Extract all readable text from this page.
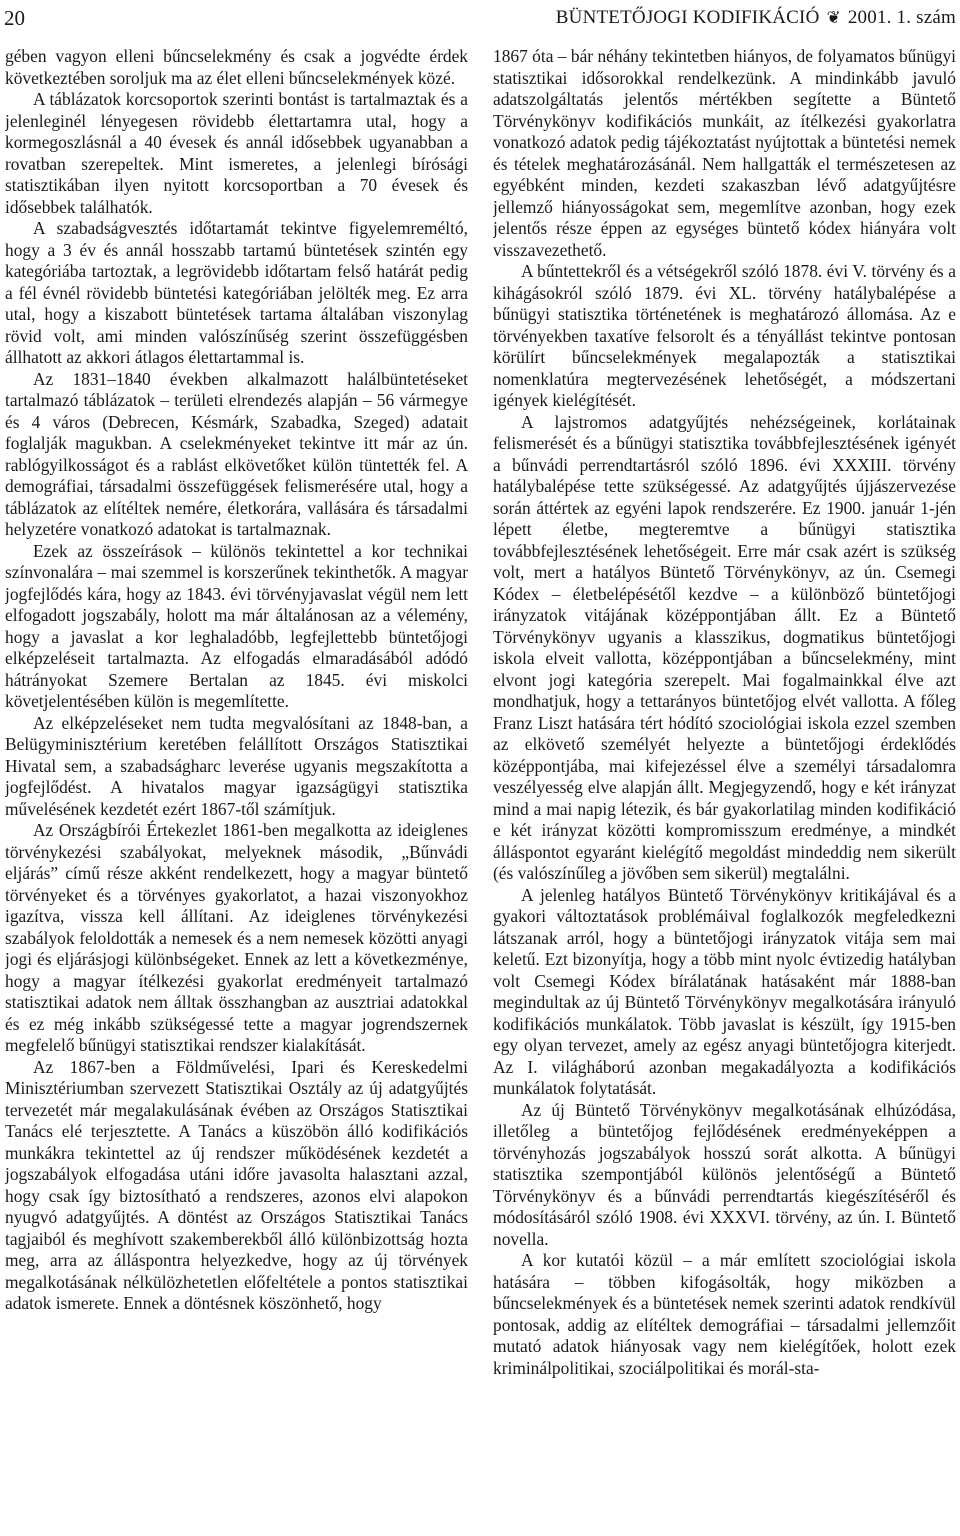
20	BÜNTETŐJOGI KODIFIKÁCIÓ ❦ 2001. 1. szám

gében vagyon elleni bűncselekmény és csak a jogvédte érdek következtében soroljuk ma az élet elleni bűncselekmények közé.

A táblázatok korcsoportok szerinti bontást is tartalmaztak és a jelenleginél lényegesen rövidebb élettartamra utal, hogy a kormegoszlásnál a 40 évesek és annál idősebbek ugyanabban a rovatban szerepeltek. Mint ismeretes, a jelenlegi bírósági statisztikában ilyen nyitott korcsoportban a 70 évesek és idősebbek találhatók.

A szabadságvesztés időtartamát tekintve figyelemreméltó, hogy a 3 év és annál hosszabb tartamú büntetések szintén egy kategóriába tartoztak, a legrövidebb időtartam felső határát pedig a fél évnél rövidebb büntetési kategóriában jelölték meg. Ez arra utal, hogy a kiszabott büntetések tartama általában viszonylag rövid volt, ami minden valószínűség szerint összefüggésben állhatott az akkori átlagos élettartammal is.

Az 1831–1840 években alkalmazott halálbüntetéseket tartalmazó táblázatok – területi elrendezés alapján – 56 vármegye és 4 város (Debrecen, Késmárk, Szabadka, Szeged) adatait foglalják magukban. A cselekményeket tekintve itt már az ún. rablógyilkosságot és a rablást elkövetőket külön tüntették fel. A demográfiai, társadalmi összefüggések felismerésére utal, hogy a táblázatok az elítéltek nemére, életkorára, vallására és társadalmi helyzetére vonatkozó adatokat is tartalmaznak.

Ezek az összeírások – különös tekintettel a kor technikai színvonalára – mai szemmel is korszerűnek tekinthetők. A magyar jogfejlődés kára, hogy az 1843. évi törvényjavaslat végül nem lett elfogadott jogszabály, holott ma már általánosan az a vélemény, hogy a javaslat a kor leghaladóbb, legfejlettebb büntetőjogi elképzeléseit tartalmazta. Az elfogadás elmaradásából adódó hátrányokat Szemere Bertalan az 1845. évi miskolci követjelentésében külön is megemlítette.

Az elképzeléseket nem tudta megvalósítani az 1848-ban, a Belügyminisztérium keretében felállított Országos Statisztikai Hivatal sem, a szabadságharc leverése ugyanis megszakította a jogfejlődést. A hivatalos magyar igazságügyi statisztika művelésének kezdetét ezért 1867-től számítjuk.

Az Országbírói Értekezlet 1861-ben megalkotta az ideiglenes törvénykezési szabályokat, melyeknek második, „Bűnvádi eljárás” című része akként rendelkezett, hogy a magyar büntető törvényeket és a törvényes gyakorlatot, a hazai viszonyokhoz igazítva, vissza kell állítani. Az ideiglenes törvénykezési szabályok feloldották a nemesek és a nem nemesek közötti anyagi jogi és eljárásjogi különbségeket. Ennek az lett a következménye, hogy a magyar ítélkezési gyakorlat eredményeit tartalmazó statisztikai adatok nem álltak összhangban az ausztriai adatokkal és ez még inkább szükségessé tette a magyar jogrendszernek megfelelő bűnügyi statisztikai rendszer kialakítását.

Az 1867-ben a Földművelési, Ipari és Kereskedelmi Minisztériumban szervezett Statisztikai Osztály az új adatgyűjtés tervezetét már megalakulásának évében az Országos Statisztikai Tanács elé terjesztette. A Tanács a küszöbön álló kodifikációs munkákra tekintettel az új rendszer működésének kezdetét a jogszabályok elfogadása utáni időre javasolta halasztani azzal, hogy csak így biztosítható a rendszeres, azonos elvi alapokon nyugvó adatgyűjtés. A döntést az Országos Statisztikai Tanács tagjaiból és meghívott szakemberekből álló különbizottság hozta meg, arra az álláspontra helyezkedve, hogy az új törvények megalkotásának nélkülözhetetlen előfeltétele a pontos statisztikai adatok ismerete. Ennek a döntésnek köszönhető, hogy

1867 óta – bár néhány tekintetben hiányos, de folyamatos bűnügyi statisztikai idősorokkal rendelkezünk. A mindinkább javuló adatszolgáltatás jelentős mértékben segítette a Büntető Törvénykönyv kodifikációs munkáit, az ítélkezési gyakorlatra vonatkozó adatok pedig tájékoztatást nyújtottak a büntetési nemek és tételek meghatározásánál. Nem hallgatták el természetesen az egyébként minden, kezdeti szakaszban lévő adatgyűjtésre jellemző hiányosságokat sem, megemlítve azonban, hogy ezek jelentős része éppen az egységes büntető kódex hiányára volt visszavezethető.

A bűntettekről és a vétségekről szóló 1878. évi V. törvény és a kihágásokról szóló 1879. évi XL. törvény hatálybalépése a bűnügyi statisztika történetének is meghatározó állomása. Az e törvényekben taxatíve felsorolt és a tényállást tekintve pontosan körülírt bűncselekmények megalapozták a statisztikai nomenklatúra megtervezésének lehetőségét, a módszertani igények kielégítését.

A lajstromos adatgyűjtés nehézségeinek, korlátainak felismerését és a bűnügyi statisztika továbbfejlesztésének igényét a bűnvádi perrendtartásról szóló 1896. évi XXXIII. törvény hatálybalépése tette szükségessé. Az adatgyűjtés újjászervezése során áttértek az egyéni lapok rendszerére. Ez 1900. január 1-jén lépett életbe, megteremtve a bűnügyi statisztika továbbfejlesztésének lehetőségeit. Erre már csak azért is szükség volt, mert a hatályos Büntető Törvénykönyv, az ún. Csemegi Kódex – életbelépésétől kezdve – a különböző büntetőjogi irányzatok vitájának középpontjában állt. Ez a Büntető Törvénykönyv ugyanis a klasszikus, dogmatikus büntetőjogi iskola elveit vallotta, középpontjában a bűncselekmény, mint elvont jogi kategória szerepelt. Mai fogalmainkkal élve azt mondhatjuk, hogy a tettarányos büntetőjog elvét vallotta. A főleg Franz Liszt hatására tért hódító szociológiai iskola ezzel szemben az elkövető személyét helyezte a büntetőjogi érdeklődés középpontjába, mai kifejezéssel élve a személyi társadalomra veszélyesség elve alapján állt. Megjegyzendő, hogy e két irányzat mind a mai napig létezik, és bár gyakorlatilag minden kodifikáció e két irányzat közötti kompromisszum eredménye, a mindkét álláspontot egyaránt kielégítő megoldást mindeddig nem sikerült (és valószínűleg a jövőben sem sikerül) megtalálni.

A jelenleg hatályos Büntető Törvénykönyv kritikájával és a gyakori változtatások problémáival foglalkozók megfeledkezni látszanak arról, hogy a büntetőjogi irányzatok vitája sem mai keletű. Ezt bizonyítja, hogy a több mint nyolc évtizedig hatályban volt Csemegi Kódex bírálatának hatásaként már 1888-ban megindultak az új Büntető Törvénykönyv megalkotására irányuló kodifikációs munkálatok. Több javaslat is készült, így 1915-ben egy olyan tervezet, amely az egész anyagi büntetőjogra kiterjedt. Az I. világháború azonban megakadályozta a kodifikációs munkálatok folytatását.

Az új Büntető Törvénykönyv megalkotásának elhúzódása, illetőleg a büntetőjog fejlődésének eredményeképpen a törvényhozás jogszabályok hosszú sorát alkotta. A bűnügyi statisztika szempontjából különös jelentőségű a Büntető Törvénykönyv és a bűnvádi perrendtartás kiegészítéséről és módosításáról szóló 1908. évi XXXVI. törvény, az ún. I. Büntető novella.

A kor kutatói közül – a már említett szociológiai iskola hatására – többen kifogásolták, hogy miközben a bűncselekmények és a büntetések nemek szerinti adatok rendkívül pontosak, addig az elítéltek demográfiai – társadalmi jellemzőit mutató adatok hiányosak vagy nem kielégítőek, holott ezek kriminálpolitikai, szociálpolitikai és morál-sta-
